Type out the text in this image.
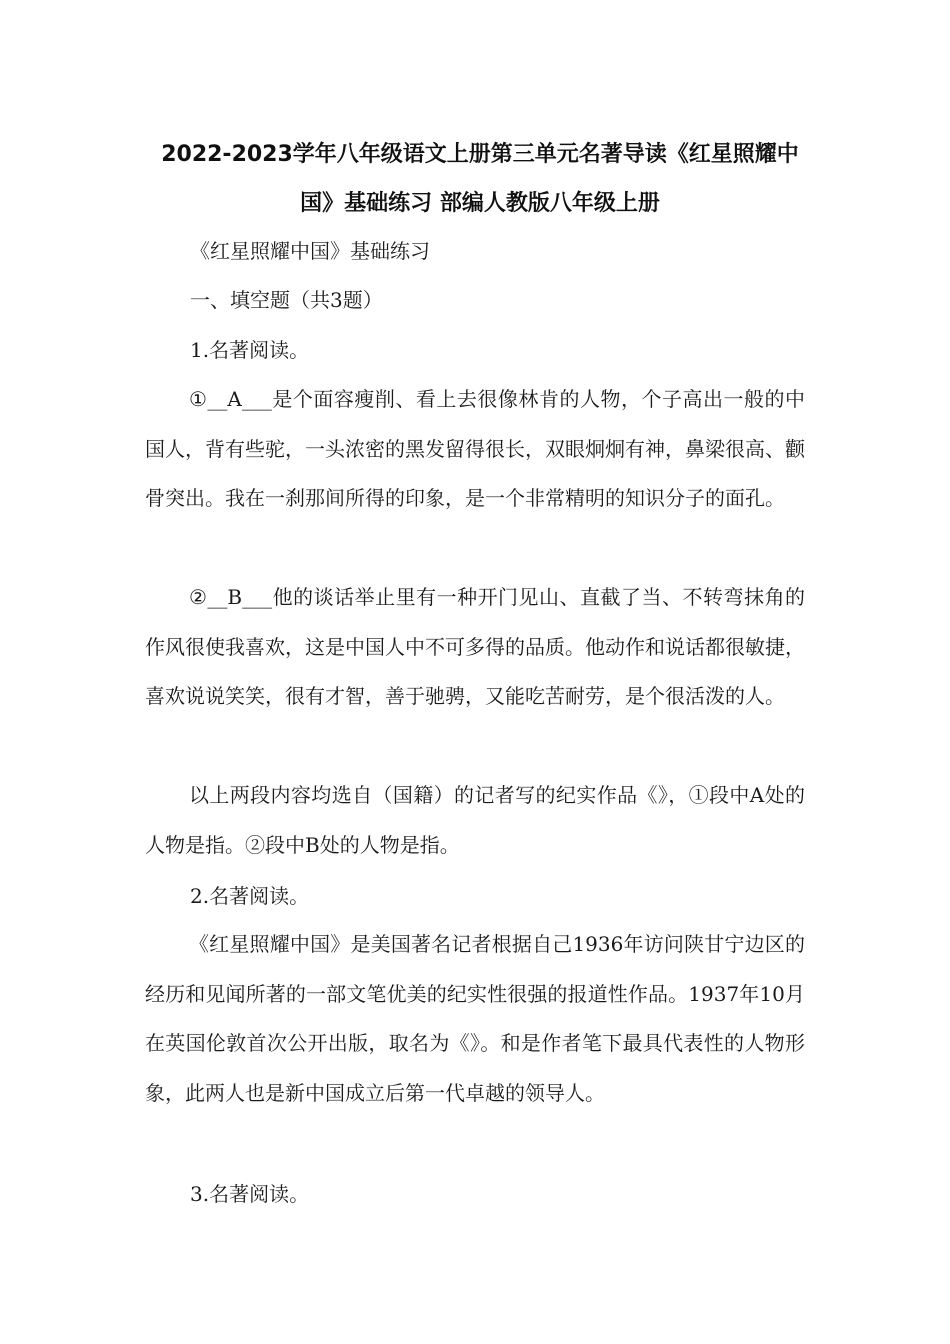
2022-2023学年八年级语文上册第三单元名著导读《红星照耀中国》基础练习 部编人教版八年级上册

《红星照耀中国》基础练习

一、填空题（共3题）

1.名著阅读。

①__A___是个面容瘦削、看上去很像林肯的人物，个子高出一般的中国人，背有些驼，一头浓密的黑发留得很长，双眼炯炯有神，鼻梁很高、颧骨突出。我在一刹那间所得的印象，是一个非常精明的知识分子的面孔。

②__B___他的谈话举止里有一种开门见山、直截了当、不转弯抹角的作风很使我喜欢，这是中国人中不可多得的品质。他动作和说话都很敏捷，喜欢说说笑笑，很有才智，善于驰骋，又能吃苦耐劳，是个很活泼的人。

以上两段内容均选自（国籍）的记者写的纪实作品《》，①段中A处的人物是指。②段中B处的人物是指。

2.名著阅读。

《红星照耀中国》是美国著名记者根据自己1936年访问陕甘宁边区的经历和见闻所著的一部文笔优美的纪实性很强的报道性作品。1937年10月在英国伦敦首次公开出版，取名为《》。和是作者笔下最具代表性的人物形象，此两人也是新中国成立后第一代卓越的领导人。

3.名著阅读。
